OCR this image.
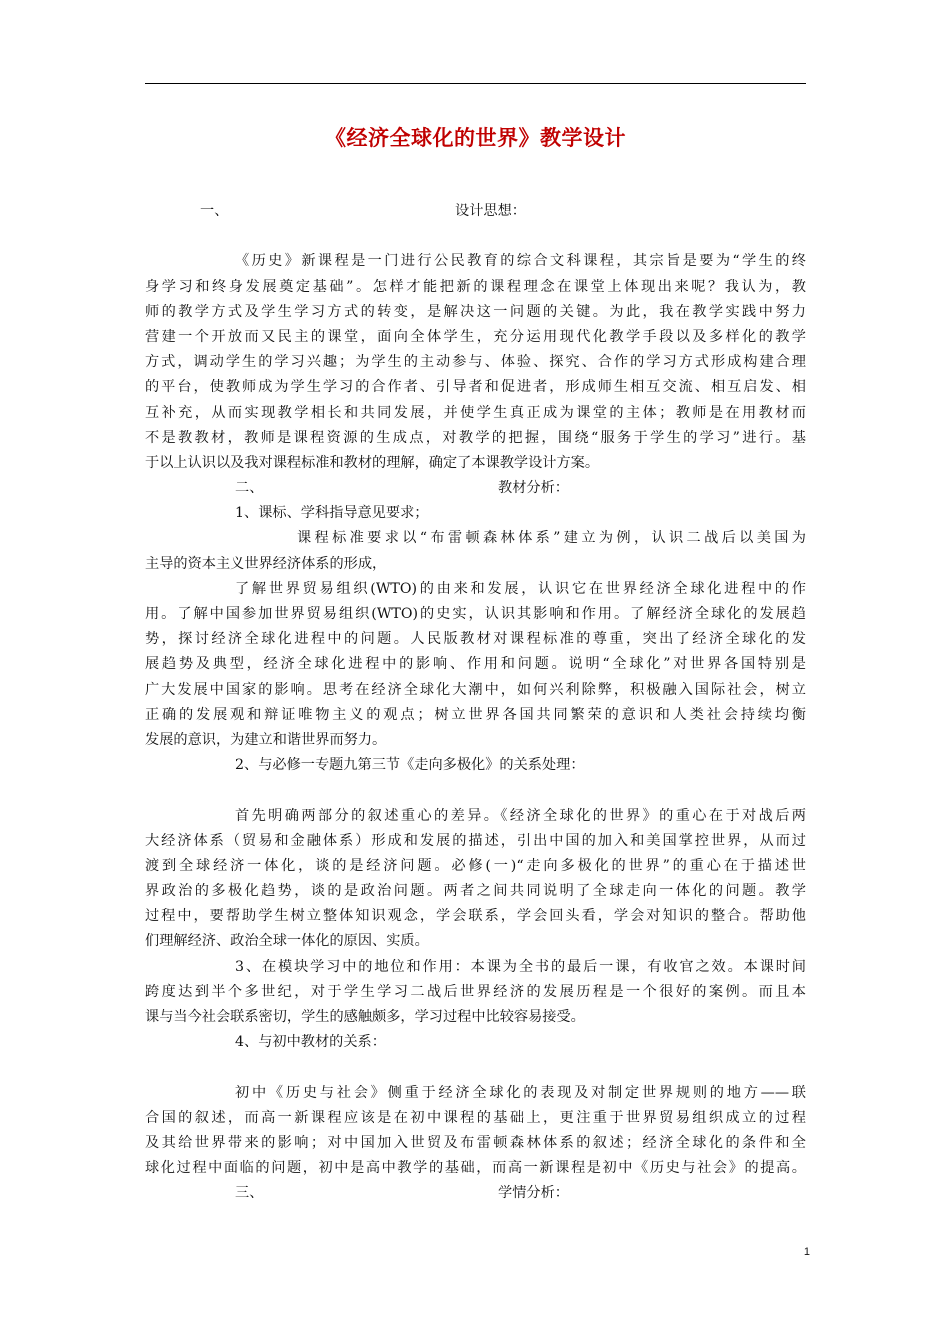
《经济全球化的世界》教学设计
一、	设计思想：
《历史》新课程是一门进行公民教育的综合文科课程，其宗旨是要为“学生的终
身学习和终身发展奠定基础”。怎样才能把新的课程理念在课堂上体现出来呢？我认为，教
师的教学方式及学生学习方式的转变，是解决这一问题的关键。为此，我在教学实践中努力
营建一个开放而又民主的课堂，面向全体学生，充分运用现代化教学手段以及多样化的教学
方式，调动学生的学习兴趣；为学生的主动参与、体验、探究、合作的学习方式形成构建合理
的平台，使教师成为学生学习的合作者、引导者和促进者，形成师生相互交流、相互启发、相
互补充，从而实现教学相长和共同发展，并使学生真正成为课堂的主体；教师是在用教材而
不是教教材，教师是课程资源的生成点，对教学的把握，围绕“服务于学生的学习”进行。基
于以上认识以及我对课程标准和教材的理解，确定了本课教学设计方案。
二、	教材分析：
1、课标、学科指导意见要求；
课程标准要求以“布雷顿森林体系”建立为例，认识二战后以美国为
主导的资本主义世界经济体系的形成，
了解世界贸易组织(WTO)的由来和发展，认识它在世界经济全球化进程中的作
用。了解中国参加世界贸易组织(WTO)的史实，认识其影响和作用。了解经济全球化的发展趋
势，探讨经济全球化进程中的问题。人民版教材对课程标准的尊重，突出了经济全球化的发
展趋势及典型，经济全球化进程中的影响、作用和问题。说明“全球化”对世界各国特别是
广大发展中国家的影响。思考在经济全球化大潮中，如何兴利除弊，积极融入国际社会，树立
正确的发展观和辩证唯物主义的观点；树立世界各国共同繁荣的意识和人类社会持续均衡
发展的意识，为建立和谐世界而努力。
2、与必修一专题九第三节《走向多极化》的关系处理：
首先明确两部分的叙述重心的差异。《经济全球化的世界》的重心在于对战后两
大经济体系（贸易和金融体系）形成和发展的描述，引出中国的加入和美国掌控世界，从而过
渡到全球经济一体化，谈的是经济问题。必修(一)“走向多极化的世界”的重心在于描述世
界政治的多极化趋势，谈的是政治问题。两者之间共同说明了全球走向一体化的问题。教学
过程中，要帮助学生树立整体知识观念，学会联系，学会回头看，学会对知识的整合。帮助他
们理解经济、政治全球一体化的原因、实质。
3、在模块学习中的地位和作用：本课为全书的最后一课，有收官之效。本课时间
跨度达到半个多世纪，对于学生学习二战后世界经济的发展历程是一个很好的案例。而且本
课与当今社会联系密切，学生的感触颇多，学习过程中比较容易接受。
4、与初中教材的关系：
初中《历史与社会》侧重于经济全球化的表现及对制定世界规则的地方——联
合国的叙述，而高一新课程应该是在初中课程的基础上，更注重于世界贸易组织成立的过程
及其给世界带来的影响；对中国加入世贸及布雷顿森林体系的叙述；经济全球化的条件和全
球化过程中面临的问题，初中是高中教学的基础，而高一新课程是初中《历史与社会》的提高。
三、	学情分析：
1
